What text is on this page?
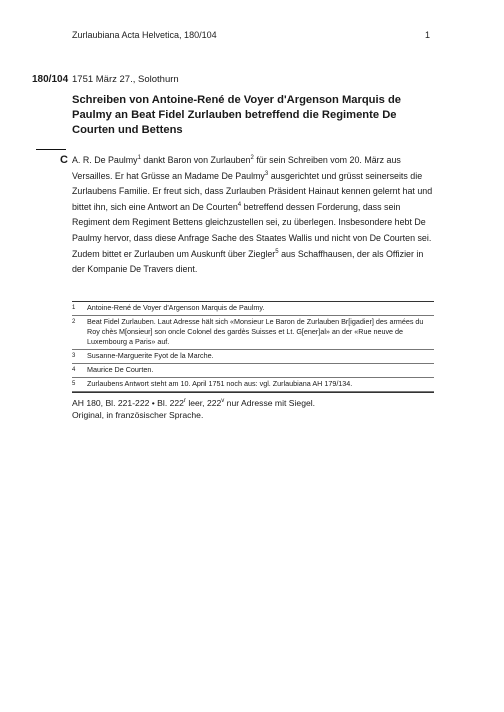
Zurlaubiana Acta Helvetica, 180/104	1
180/104 1751 März 27., Solothurn
Schreiben von Antoine-René de Voyer d'Argenson Marquis de Paulmy an Beat Fidel Zurlauben betreffend die Regimente De Courten und Bettens
C A. R. De Paulmy$^1$ dankt Baron von Zurlauben$^2$ für sein Schreiben vom 20. März aus Versailles. Er hat Grüsse an Madame De Paulmy$^3$ ausgerichtet und grüsst seinerseits die Zurlaubens Familie. Er freut sich, dass Zurlauben Präsident Hainaut kennen gelernt hat und bittet ihn, sich eine Antwort an De Courten$^4$ betreffend dessen Forderung, dass sein Regiment dem Regiment Bettens gleichzustellen sei, zu überlegen. Insbesondere hebt De Paulmy hervor, dass diese Anfrage Sache des Staates Wallis und nicht von De Courten sei. Zudem bittet er Zurlauben um Auskunft über Ziegler$^5$ aus Schaffhausen, der als Offizier in der Kompanie De Travers dient.

1	Antoine-René de Voyer d'Argenson Marquis de Paulmy.
2	Beat Fidel Zurlauben. Laut Adresse hält sich «Monsieur Le Baron de Zurlauben Br[igadier] des armées du Roy chès M[onsieur] son oncle Colonel des gardès Suisses et Lt. G[ener]al» an der «Rue neuve de Luxembourg a Paris» auf.
3	Susanne-Marguerite Fyot de la Marche.
4	Maurice De Courten.
5	Zurlaubens Antwort steht am 10. April 1751 noch aus: vgl. Zurlaubiana AH 179/134.
AH 180, Bl. 221-222 • Bl. 222$^r$ leer, 222$^v$ nur Adresse mit Siegel.
Original, in französischer Sprache.
